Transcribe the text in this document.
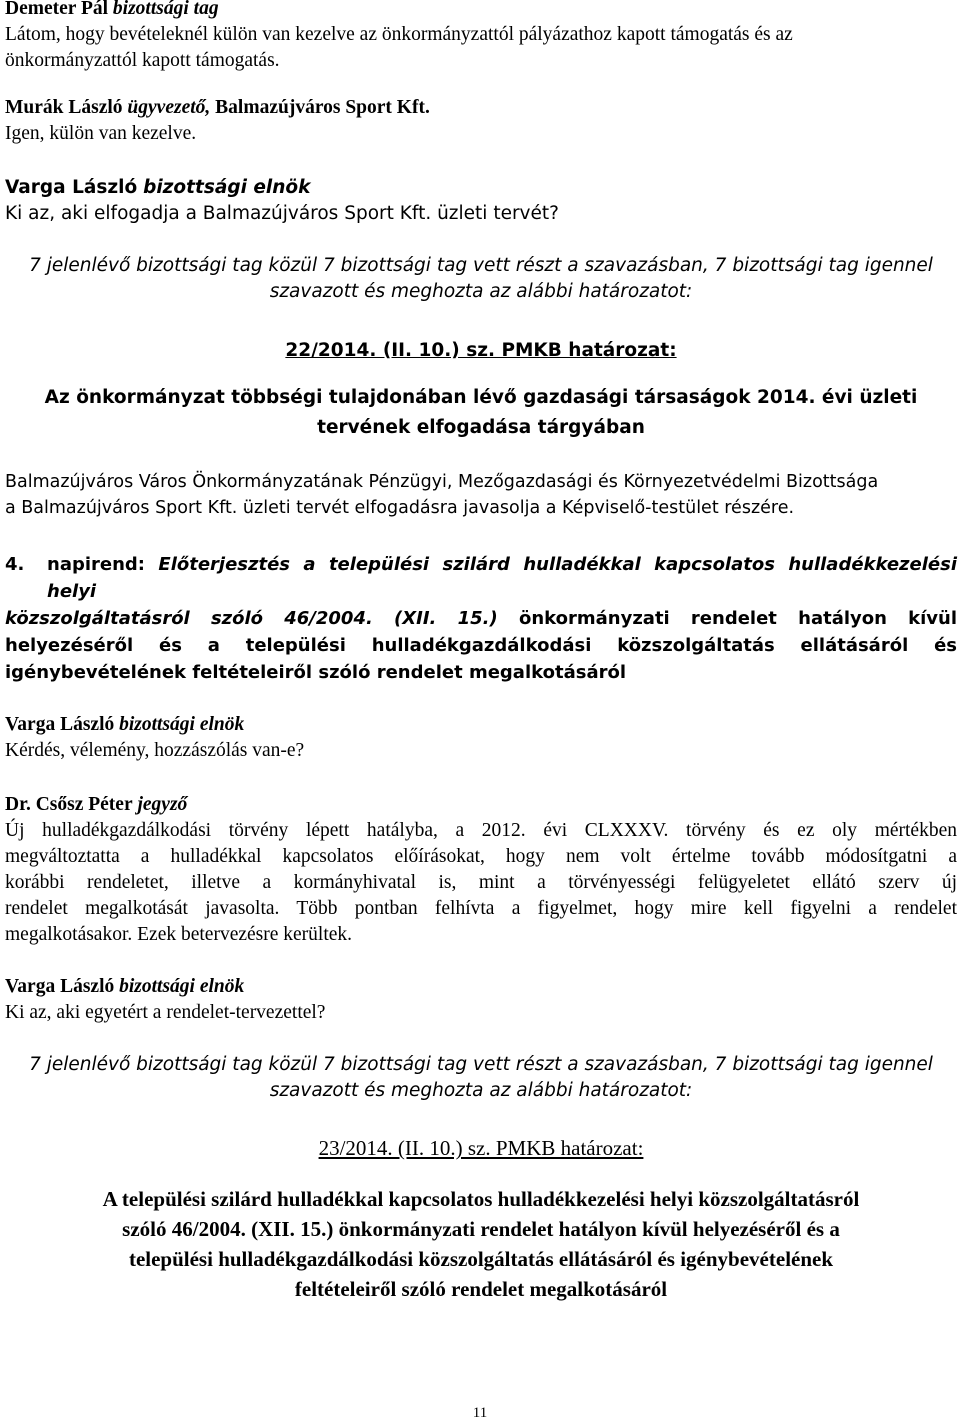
Demeter Pál bizottsági tag

Látom, hogy bevételeknél külön van kezelve az önkormányzattól pályázathoz kapott támogatás és az

önkormányzattól kapott támogatás.

Murák László ügyvezető, Balmazújváros Sport Kft.

Igen, külön van kezelve.

Varga László bizottsági elnök

Ki az, aki elfogadja a Balmazújváros Sport Kft. üzleti tervét?

7 jelenlévő bizottsági tag közül 7 bizottsági tag vett részt a szavazásban, 7 bizottsági tag igennel

szavazott és meghozta az alábbi határozatot:

22/2014. (II. 10.) sz. PMKB határozat:

Az önkormányzat többségi tulajdonában lévő gazdasági társaságok 2014. évi üzleti

tervének elfogadása tárgyában

Balmazújváros Város Önkormányzatának Pénzügyi, Mezőgazdasági és Környezetvédelmi Bizottsága

a Balmazújváros Sport Kft. üzleti tervét elfogadásra javasolja a Képviselő-testület részére.

4.	napirend: Előterjesztés a települési szilárd hulladékkal kapcsolatos hulladékkezelési helyi
közszolgáltatásról szóló 46/2004. (XII. 15.) önkormányzati rendelet hatályon kívül
helyezéséről és a települési hulladékgazdálkodási közszolgáltatás ellátásáról és
igénybevételének feltételeiről szóló rendelet megalkotásáról

Varga László bizottsági elnök

Kérdés, vélemény, hozzászólás van-e?

Dr. Csősz Péter jegyző

Új hulladékgazdálkodási törvény lépett hatályba, a 2012. évi CLXXXV. törvény és ez oly mértékben

megváltoztatta a hulladékkal kapcsolatos előírásokat, hogy nem volt értelme tovább módosítgatni a

korábbi rendeletet, illetve a kormányhivatal is, mint a törvényességi felügyeletet ellátó szerv új

rendelet megalkotását javasolta. Több pontban felhívta a figyelmet, hogy mire kell figyelni a rendelet

megalkotásakor. Ezek betervezésre kerültek.

Varga László bizottsági elnök

Ki az, aki egyetért a rendelet-tervezettel?

7 jelenlévő bizottsági tag közül 7 bizottsági tag vett részt a szavazásban, 7 bizottsági tag igennel

szavazott és meghozta az alábbi határozatot:

23/2014. (II. 10.) sz. PMKB határozat:

A települési szilárd hulladékkal kapcsolatos hulladékkezelési helyi közszolgáltatásról

szóló 46/2004. (XII. 15.) önkormányzati rendelet hatályon kívül helyezéséről és a

települési hulladékgazdálkodási közszolgáltatás ellátásáról és igénybevételének

feltételeiről szóló rendelet megalkotásáról

11
